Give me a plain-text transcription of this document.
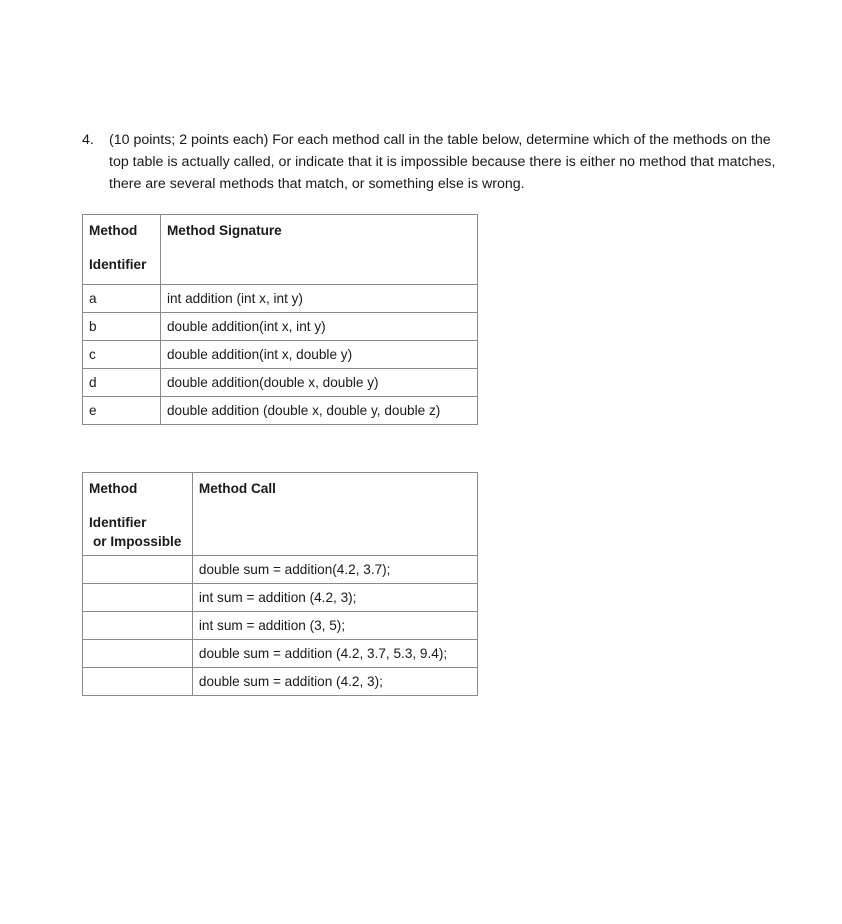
4. (10 points; 2 points each) For each method call in the table below, determine which of the methods on the top table is actually called, or indicate that it is impossible because there is either no method that matches, there are several methods that match, or something else is wrong.
Method
Identifier	Method Signature

a	int addition (int x, int y)
b	double addition(int x, int y)
c	double addition(int x, double y)
d	double addition(double x, double y)
e	double addition (double x, double y, double z)
Method
Identifier
or Impossible	Method Call

	double sum = addition(4.2, 3.7);
	int sum = addition (4.2, 3);
	int sum = addition (3, 5);
	double sum = addition (4.2, 3.7, 5.3, 9.4);
	double sum = addition (4.2, 3);
